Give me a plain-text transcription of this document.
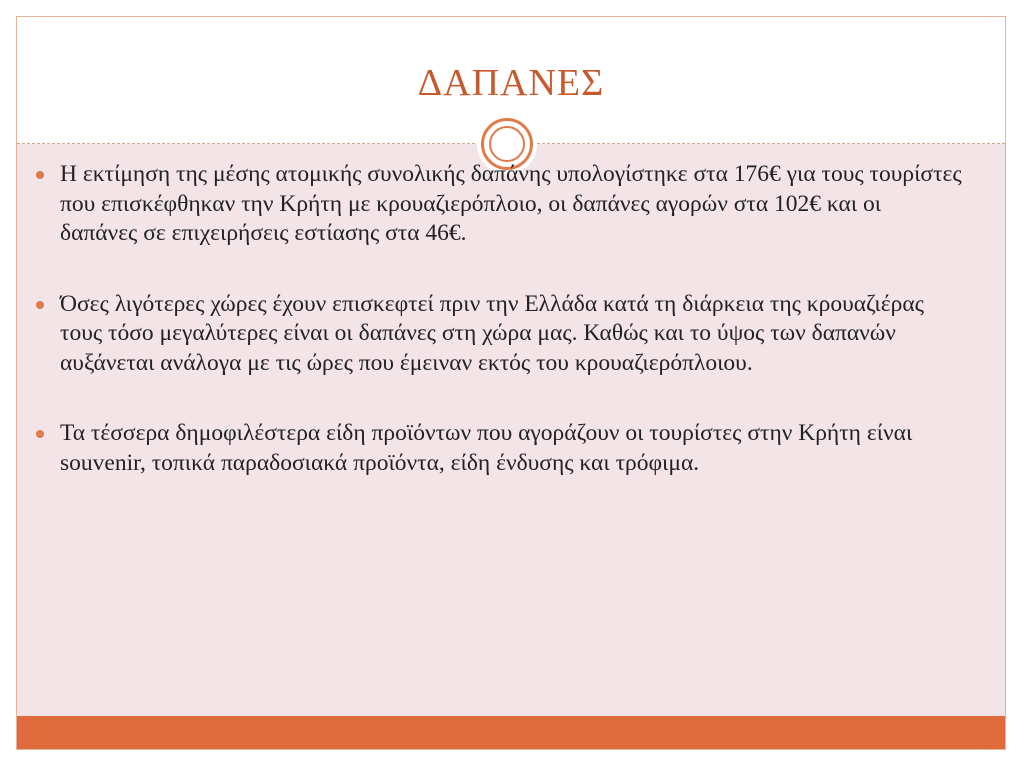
ΔΑΠΑΝΕΣ
Η εκτίμηση της μέσης ατομικής συνολικής δαπάνης υπολογίστηκε στα 176€ για τους τουρίστες που επισκέφθηκαν την Κρήτη με κρουαζιερόπλοιο, οι δαπάνες αγορών στα 102€ και οι δαπάνες σε επιχειρήσεις εστίασης στα 46€.
Όσες λιγότερες χώρες έχουν επισκεφτεί πριν την Ελλάδα κατά τη διάρκεια της κρουαζιέρας τους τόσο μεγαλύτερες είναι οι δαπάνες στη χώρα μας. Καθώς και το ύψος των δαπανών αυξάνεται ανάλογα με τις ώρες που έμειναν εκτός του κρουαζιερόπλοιου.
Τα τέσσερα δημοφιλέστερα είδη προϊόντων που αγοράζουν οι τουρίστες στην Κρήτη είναι souvenir, τοπικά παραδοσιακά προϊόντα, είδη ένδυσης και τρόφιμα.
